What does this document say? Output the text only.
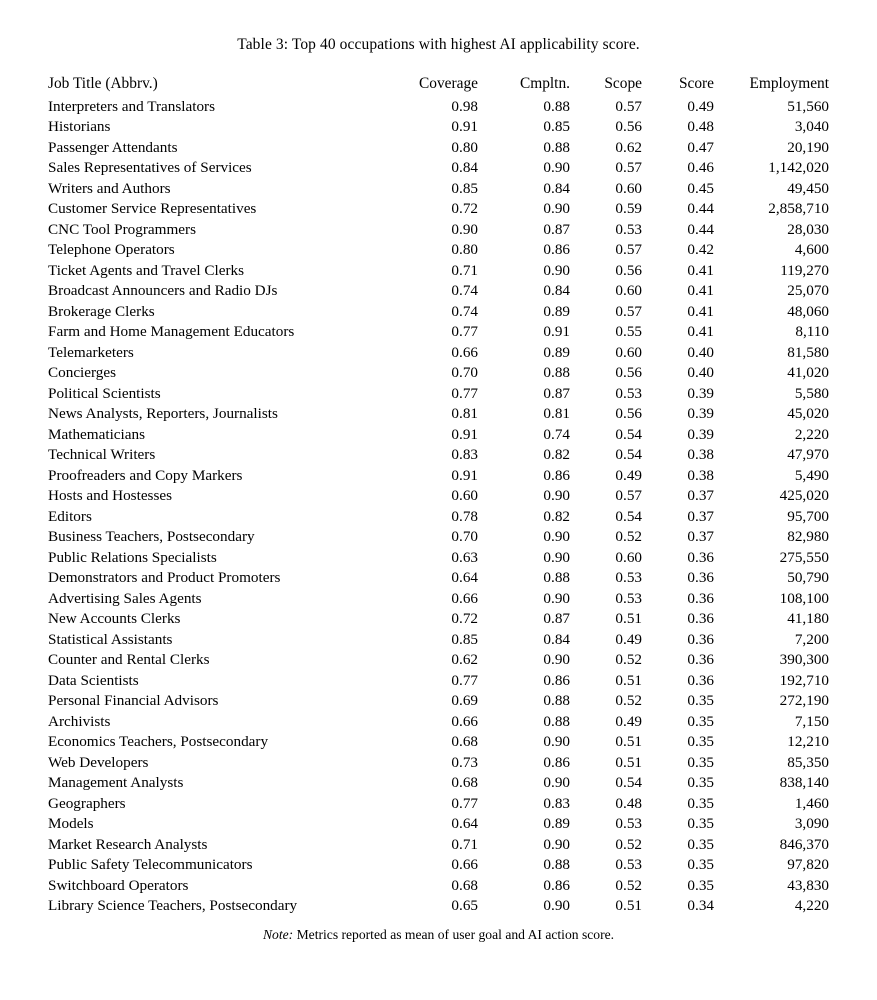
Table 3: Top 40 occupations with highest AI applicability score.
Job Title (Abbrv.)	Coverage	Cmpltn.	Scope	Score	Employment
Interpreters and Translators	0.98	0.88	0.57	0.49	51,560
Historians	0.91	0.85	0.56	0.48	3,040
Passenger Attendants	0.80	0.88	0.62	0.47	20,190
Sales Representatives of Services	0.84	0.90	0.57	0.46	1,142,020
Writers and Authors	0.85	0.84	0.60	0.45	49,450
Customer Service Representatives	0.72	0.90	0.59	0.44	2,858,710
CNC Tool Programmers	0.90	0.87	0.53	0.44	28,030
Telephone Operators	0.80	0.86	0.57	0.42	4,600
Ticket Agents and Travel Clerks	0.71	0.90	0.56	0.41	119,270
Broadcast Announcers and Radio DJs	0.74	0.84	0.60	0.41	25,070
Brokerage Clerks	0.74	0.89	0.57	0.41	48,060
Farm and Home Management Educators	0.77	0.91	0.55	0.41	8,110
Telemarketers	0.66	0.89	0.60	0.40	81,580
Concierges	0.70	0.88	0.56	0.40	41,020
Political Scientists	0.77	0.87	0.53	0.39	5,580
News Analysts, Reporters, Journalists	0.81	0.81	0.56	0.39	45,020
Mathematicians	0.91	0.74	0.54	0.39	2,220
Technical Writers	0.83	0.82	0.54	0.38	47,970
Proofreaders and Copy Markers	0.91	0.86	0.49	0.38	5,490
Hosts and Hostesses	0.60	0.90	0.57	0.37	425,020
Editors	0.78	0.82	0.54	0.37	95,700
Business Teachers, Postsecondary	0.70	0.90	0.52	0.37	82,980
Public Relations Specialists	0.63	0.90	0.60	0.36	275,550
Demonstrators and Product Promoters	0.64	0.88	0.53	0.36	50,790
Advertising Sales Agents	0.66	0.90	0.53	0.36	108,100
New Accounts Clerks	0.72	0.87	0.51	0.36	41,180
Statistical Assistants	0.85	0.84	0.49	0.36	7,200
Counter and Rental Clerks	0.62	0.90	0.52	0.36	390,300
Data Scientists	0.77	0.86	0.51	0.36	192,710
Personal Financial Advisors	0.69	0.88	0.52	0.35	272,190
Archivists	0.66	0.88	0.49	0.35	7,150
Economics Teachers, Postsecondary	0.68	0.90	0.51	0.35	12,210
Web Developers	0.73	0.86	0.51	0.35	85,350
Management Analysts	0.68	0.90	0.54	0.35	838,140
Geographers	0.77	0.83	0.48	0.35	1,460
Models	0.64	0.89	0.53	0.35	3,090
Market Research Analysts	0.71	0.90	0.52	0.35	846,370
Public Safety Telecommunicators	0.66	0.88	0.53	0.35	97,820
Switchboard Operators	0.68	0.86	0.52	0.35	43,830
Library Science Teachers, Postsecondary	0.65	0.90	0.51	0.34	4,220
Note: Metrics reported as mean of user goal and AI action score.
